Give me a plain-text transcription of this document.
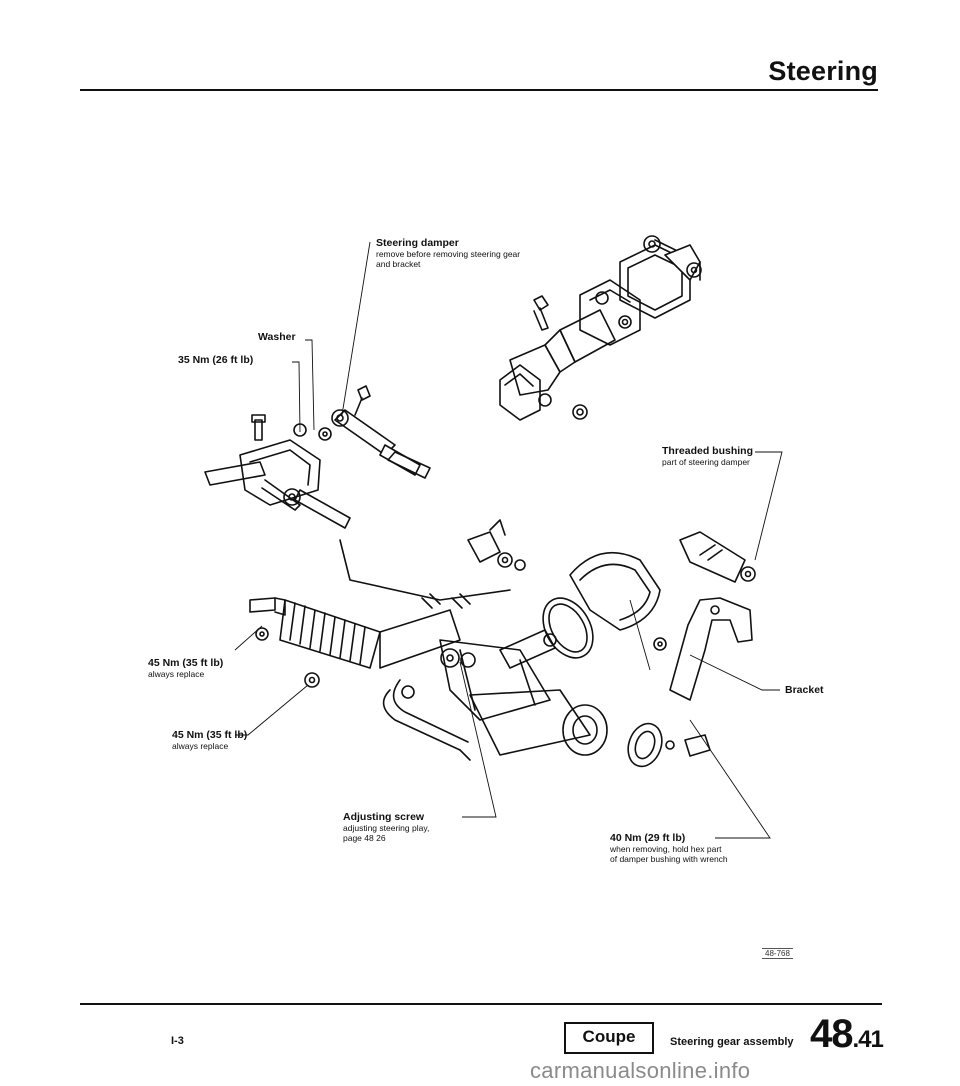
Steering
Steering damper
remove before removing steering gear and bracket
Washer
35 Nm (26 ft lb)
Threaded bushing
part of steering damper
45 Nm (35 ft lb)
always replace
45 Nm (35 ft lb)
always replace
Bracket
Adjusting screw
adjusting steering play,
page 48 26	40 Nm (29 ft lb)
when removing, hold hex part
of damper bushing with wrench
48-768
I-3	Coupe	Steering gear assembly 48.41
carmanualsonline.info
